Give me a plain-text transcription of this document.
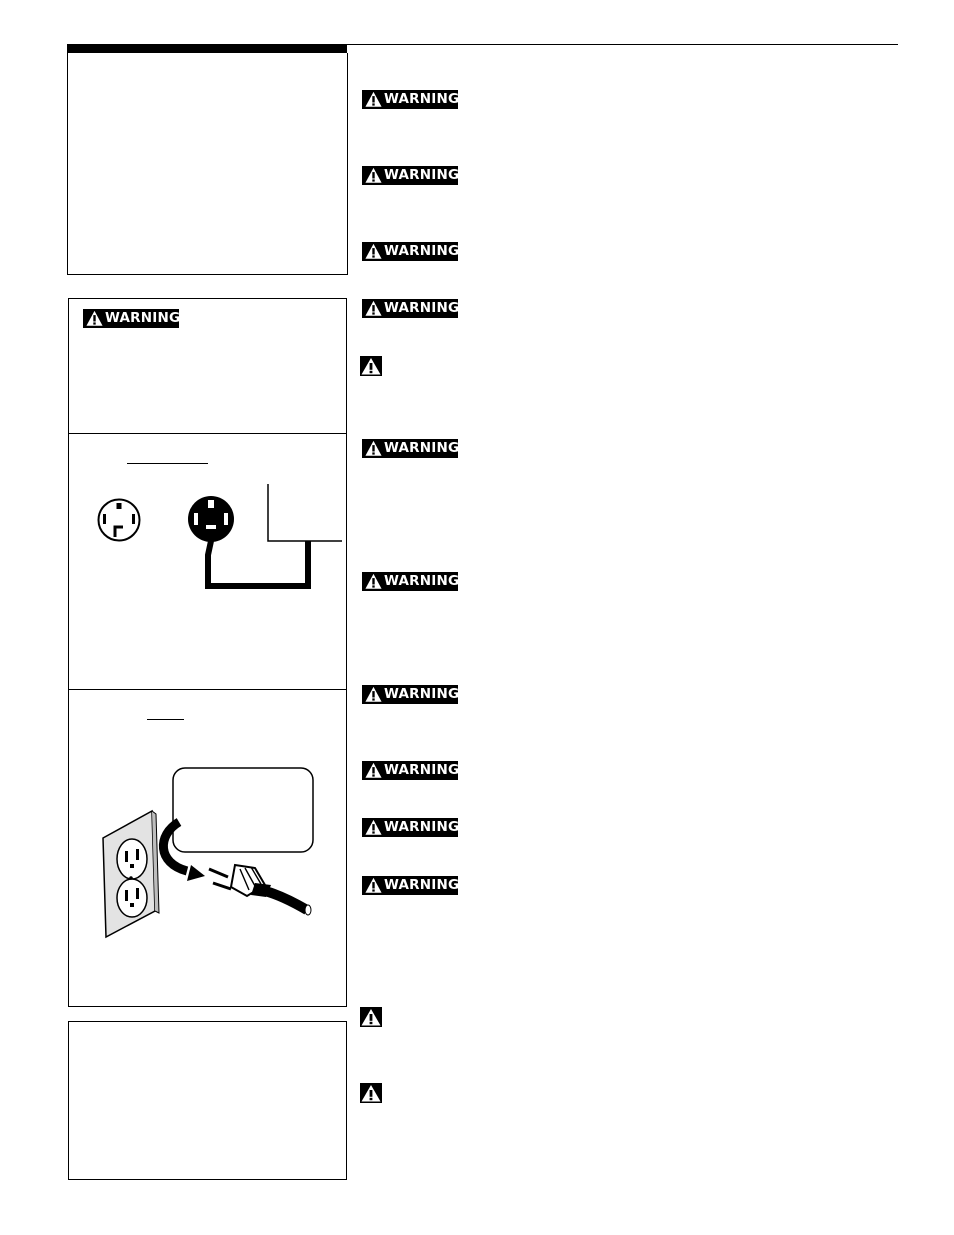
WARNING
WARNING
WARNING
WARNING
WARNING
WARNING
WARNING
WARNING
WARNING
WARNING
WARNING
